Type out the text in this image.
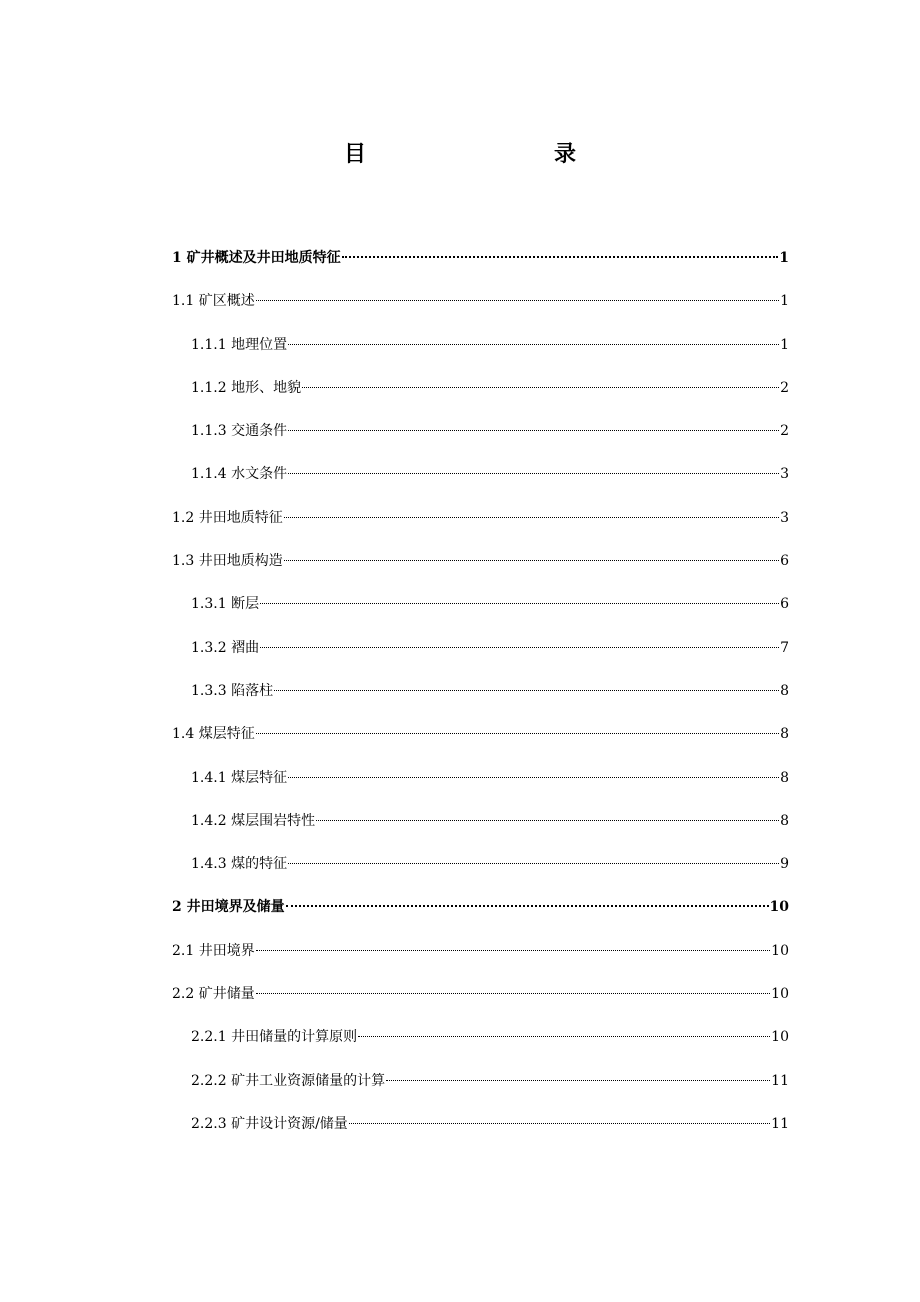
目　　录
1 矿井概述及井田地质特征	1
1.1 矿区概述	1
1.1.1 地理位置	1
1.1.2 地形、地貌	2
1.1.3 交通条件	2
1.1.4 水文条件	3
1.2 井田地质特征	3
1.3 井田地质构造	6
1.3.1 断层	6
1.3.2 褶曲	7
1.3.3 陷落柱	8
1.4 煤层特征	8
1.4.1 煤层特征	8
1.4.2 煤层围岩特性	8
1.4.3 煤的特征	9
2 井田境界及储量	10
2.1 井田境界	10
2.2 矿井储量	10
2.2.1 井田储量的计算原则	10
2.2.2 矿井工业资源储量的计算	11
2.2.3 矿井设计资源/储量	11
